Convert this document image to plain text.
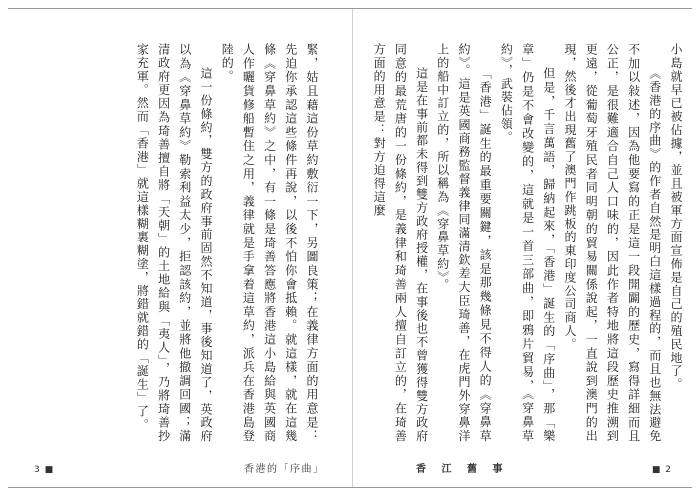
緊，姑且藉這份草約敷衍一下，另圖良策；在義律方面的用意是：先迫你承認這些條件再說，以後不怕你會抵賴。就這樣，就在這幾條《穿鼻草約》之中，有一條是琦善答應將香港這小島給與英國商人作曬貨修船暫住之用，義律就是手拿着這草約，派兵在香港島登陸的。

這一份條約，雙方的政府事前固然不知道，事後知道了，英政府以為《穿鼻草約》勒索利益太少，拒認該約，並將他撤調回國；滿清政府更因為琦善擅自將「天朝」的土地給與「夷人」，乃將琦善抄家充軍。然而「香港」就這樣糊裏糊塗，將錯就錯的「誕生」了。

3 ■	香港的「序曲」

小島就早已被佔據，並且被軍方面宣佈是自己的殖民地了。

《香港的序曲》的作者自然是明白這樣過程的，而且也無法避免不加以敍述，因為他要寫的正是這一段開闢的歷史，寫得詳細而且公正，是很難適合自己人口味的，因此作者特地將這段歷史推溯到更遠，從葡萄牙殖民者同明朝的貿易關係說起，一直說到澳門的出現，然後才出現舊了澳門作跳板的東印度公司商人。

但是，千言萬語，歸納起來，「香港」誕生的「序曲」，那「樂章」仍是不會改變的，這就是一首三部曲，即鴉片貿易，《穿鼻草約》，武裝佔領。

「香港」誕生的最重要關鍵，該是那幾條見不得人的《穿鼻草約》。這是英國商務監督義律同滿清欽差大臣琦善，在虎門外穿鼻洋上的船中訂立的，所以稱為《穿鼻草約》。

這是在事前都未得到雙方政府授權，在事後也不曾獲得雙方政府同意的最荒唐的一份條約，是義律和琦善兩人擅自訂立的，在琦善方面的用意是：對方迫得這麼

香 江 舊 事	■ 2
